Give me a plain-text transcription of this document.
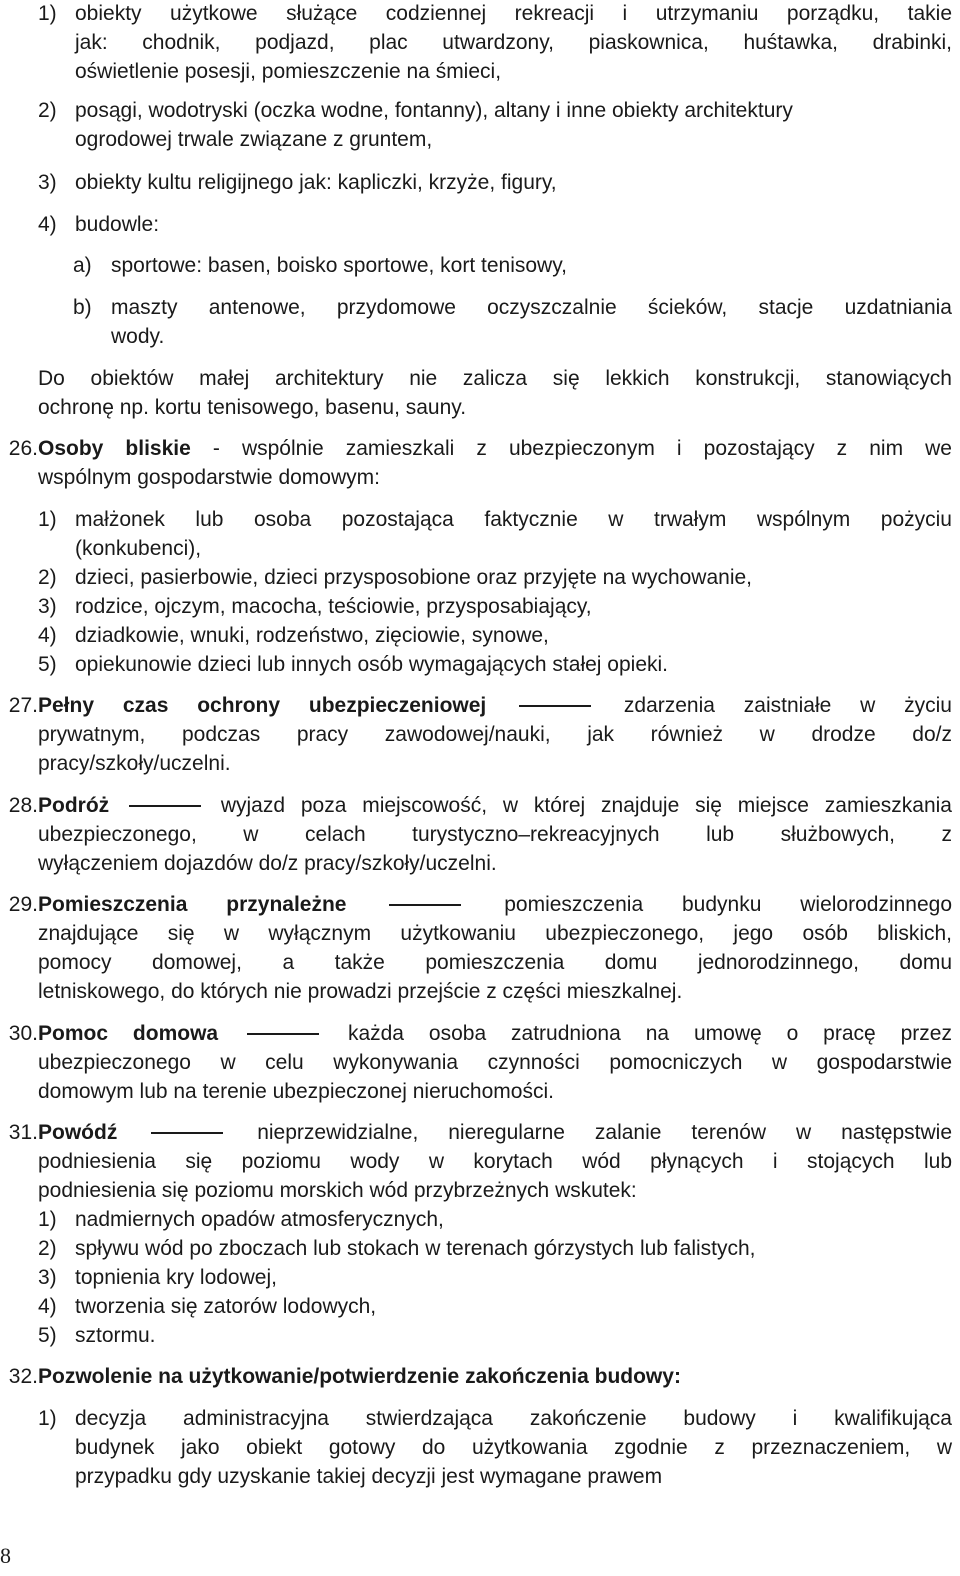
1) obiekty użytkowe służące codziennej rekreacji i utrzymaniu porządku, takie
jak: chodnik, podjazd, plac utwardzony, piaskownica, huśtawka, drabinki,
oświetlenie posesji, pomieszczenie na śmieci,
2) posągi, wodotryski (oczka wodne, fontanny), altany i inne obiekty architektury
ogrodowej trwale związane z gruntem,
3) obiekty kultu religijnego jak: kapliczki, krzyże, figury,
4) budowle:
a) sportowe: basen, boisko sportowe, kort tenisowy,
b) maszty antenowe, przydomowe oczyszczalnie ścieków, stacje uzdatniania
wody.
Do obiektów małej architektury nie zalicza się lekkich konstrukcji, stanowiących
ochronę np. kortu tenisowego, basenu, sauny.
26. Osoby bliskie - wspólnie zamieszkali z ubezpieczonym i pozostający z nim we
wspólnym gospodarstwie domowym:
1) małżonek lub osoba pozostająca faktycznie w trwałym wspólnym pożyciu
(konkubenci),
2) dzieci, pasierbowie, dzieci przysposobione oraz przyjęte na wychowanie,
3) rodzice, ojczym, macocha, teściowie, przysposabiający,
4) dziadkowie, wnuki, rodzeństwo, zięciowie, synowe,
5) opiekunowie dzieci lub innych osób wymagających stałej opieki.
27. Pełny czas ochrony ubezpieczeniowej	zdarzenia zaistniałe w życiu
prywatnym, podczas pracy zawodowej/nauki, jak również w drodze do/z
pracy/szkoły/uczelni.
28. Podróż	wyjazd poza miejscowość, w której znajduje się miejsce zamieszkania
ubezpieczonego, w celach turystyczno–rekreacyjnych lub służbowych, z
wyłączeniem dojazdów do/z pracy/szkoły/uczelni.
29. Pomieszczenia przynależne	pomieszczenia budynku wielorodzinnego
znajdujące się w wyłącznym użytkowaniu ubezpieczonego, jego osób bliskich,
pomocy domowej, a także pomieszczenia domu jednorodzinnego, domu
letniskowego, do których nie prowadzi przejście z części mieszkalnej.
30. Pomoc domowa	każda osoba zatrudniona na umowę o pracę przez
ubezpieczonego w celu wykonywania czynności pomocniczych w gospodarstwie
domowym lub na terenie ubezpieczonej nieruchomości.
31. Powódź	nieprzewidzialne, nieregularne zalanie terenów w następstwie
podniesienia się poziomu wody w korytach wód płynących i stojących lub
podniesienia się poziomu morskich wód przybrzeżnych wskutek:
1) nadmiernych opadów atmosferycznych,
2) spływu wód po zboczach lub stokach w terenach górzystych lub falistych,
3) topnienia kry lodowej,
4) tworzenia się zatorów lodowych,
5) sztormu.
32. Pozwolenie na użytkowanie/potwierdzenie zakończenia budowy:
1) decyzja administracyjna stwierdzająca zakończenie budowy i kwalifikująca
budynek jako obiekt gotowy do użytkowania zgodnie z przeznaczeniem, w
przypadku gdy uzyskanie takiej decyzji jest wymagane prawem
8
